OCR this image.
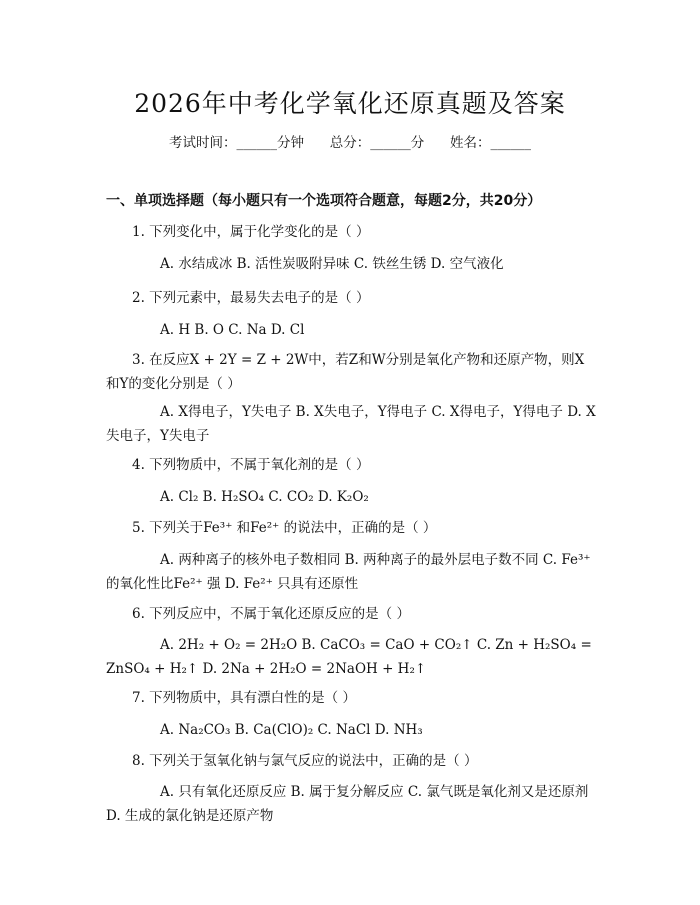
2026年中考化学氧化还原真题及答案
考试时间：______分钟 总分：______分 姓名：______
一、单项选择题（每小题只有一个选项符合题意，每题2分，共20分）
1. 下列变化中，属于化学变化的是（ ）
A. 水结成冰 B. 活性炭吸附异味 C. 铁丝生锈 D. 空气液化
2. 下列元素中，最易失去电子的是（ ）
A. H B. O C. Na D. Cl
3. 在反应X + 2Y = Z + 2W中，若Z和W分别是氧化产物和还原产物，则X和Y的变化分别是（ ）
A. X得电子，Y失电子 B. X失电子，Y得电子 C. X得电子，Y得电子 D. X失电子，Y失电子
4. 下列物质中，不属于氧化剂的是（ ）
A. Cl₂ B. H₂SO₄ C. CO₂ D. K₂O₂
5. 下列关于Fe³⁺ 和Fe²⁺ 的说法中，正确的是（ ）
A. 两种离子的核外电子数相同 B. 两种离子的最外层电子数不同 C. Fe³⁺ 的氧化性比Fe²⁺ 强 D. Fe²⁺ 只具有还原性
6. 下列反应中，不属于氧化还原反应的是（ ）
A. 2H₂ + O₂ = 2H₂O B. CaCO₃ = CaO + CO₂↑ C. Zn + H₂SO₄ = ZnSO₄ + H₂↑ D. 2Na + 2H₂O = 2NaOH + H₂↑
7. 下列物质中，具有漂白性的是（ ）
A. Na₂CO₃ B. Ca(ClO)₂ C. NaCl D. NH₃
8. 下列关于氢氧化钠与氯气反应的说法中，正确的是（ ）
A. 只有氧化还原反应 B. 属于复分解反应 C. 氯气既是氧化剂又是还原剂 D. 生成的氯化钠是还原产物
